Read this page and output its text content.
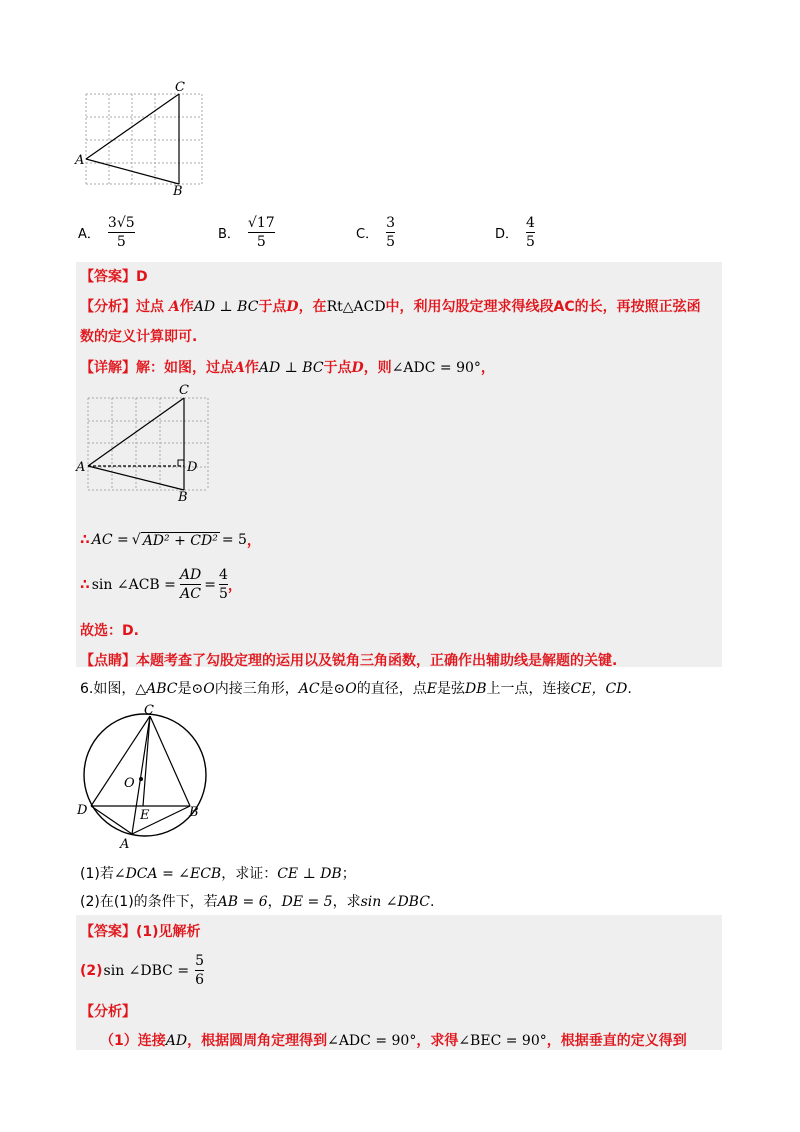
C
A
B
A． $\frac{3√5}{5}$	B． $\frac{√17}{5}$	C． $\frac{3}{5}$	D． $\frac{4}{5}$
【答案】D
【分析】过点 A作AD ⊥ BC于点D，在Rt△ACD中，利用勾股定理求得线段AC的长，再按照正弦函
数的定义计算即可.
【详解】解：如图，过点A作AD ⊥ BC于点D，则∠ADC = 90°，
C
A	D
B
∴ AC = √ AD² + CD² = 5 ，
∴ sin ∠ACB = $\frac{AD}{AC} = \frac{4}{5}$ ，
故选：D.
【点睛】本题考查了勾股定理的运用以及锐角三角函数，正确作出辅助线是解题的关键.
6.如图，△ABC是⊙O内接三角形，AC是⊙O的直径，点E是弦DB上一点，连接CE，CD.
C
O
D	E	B
A
(1)若∠DCA = ∠ECB，求证：CE ⊥ DB；
(2)在(1)的条件下，若AB = 6，DE = 5，求sin ∠DBC.
【答案】(1)见解析
(2) sin ∠DBC = $\frac{5}{6}$
【分析】
（1）连接AD，根据圆周角定理得到∠ADC = 90°，求得∠BEC = 90°，根据垂直的定义得到
